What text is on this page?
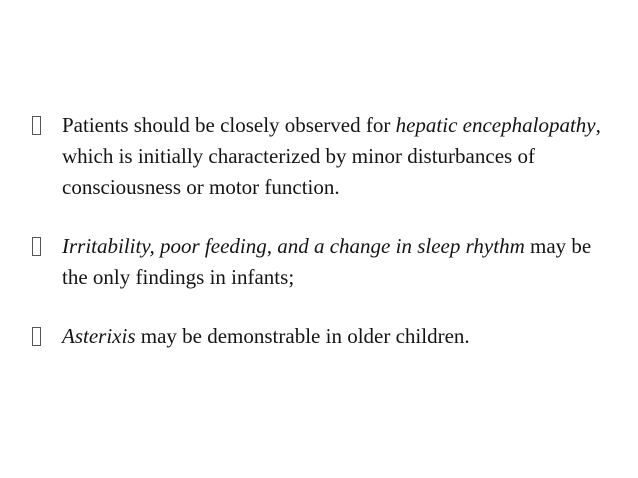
Patients should be closely observed for hepatic encephalopathy, which is initially characterized by minor disturbances of consciousness or motor function.
Irritability, poor feeding, and a change in sleep rhythm may be the only findings in infants;
Asterixis may be demonstrable in older children.
